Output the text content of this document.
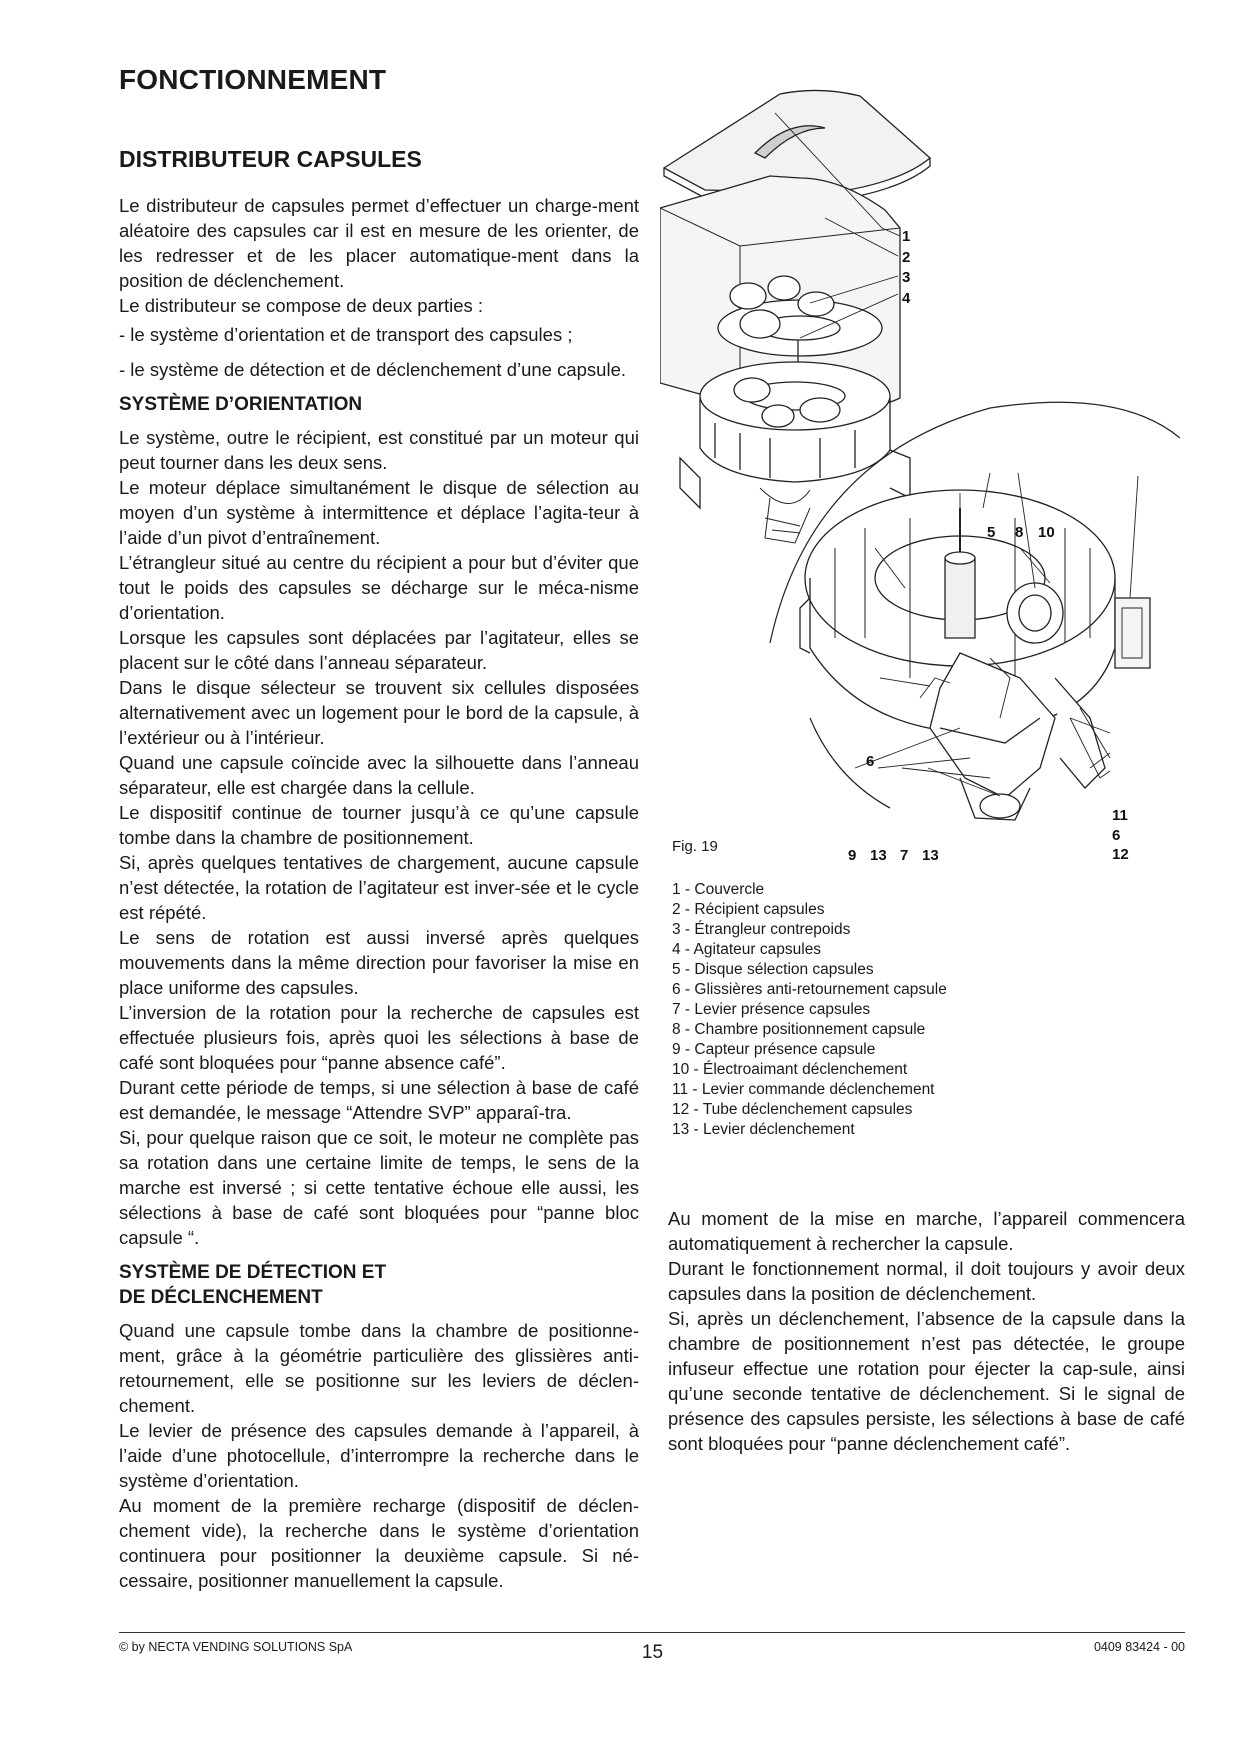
FONCTIONNEMENT
DISTRIBUTEUR CAPSULES

Le distributeur de capsules permet d’effectuer un charge-ment aléatoire des capsules car il est en mesure de les orienter, de les redresser et de les placer automatique-ment dans la position de déclenchement.

Le distributeur se compose de deux parties :

- le système d’orientation et de transport des capsules ;

- le système de détection et de déclenchement d’une capsule.

SYSTÈME D’ORIENTATION

Le système, outre le récipient, est constitué par un moteur qui peut tourner dans les deux sens.

Le moteur déplace simultanément le disque de sélection au moyen d’un système à intermittence et déplace l’agita-teur à l’aide d’un pivot d’entraînement.

L’étrangleur situé au centre du récipient a pour but d’éviter que tout le poids des capsules se décharge sur le méca-nisme d’orientation.

Lorsque les capsules sont déplacées par l’agitateur, elles se placent sur le côté dans l’anneau séparateur.

Dans le disque sélecteur se trouvent six cellules disposées alternativement avec un logement pour le bord de la capsule, à l’extérieur ou à l’intérieur.

Quand une capsule coïncide avec la silhouette dans l’anneau séparateur, elle est chargée dans la cellule.

Le dispositif continue de tourner jusqu’à ce qu’une capsule tombe dans la chambre de positionnement.

Si, après quelques tentatives de chargement, aucune capsule n’est détectée, la rotation de l’agitateur est inver-sée et le cycle est répété.

Le sens de rotation est aussi inversé après quelques mouvements dans la même direction pour favoriser la mise en place uniforme des capsules.

L’inversion de la rotation pour la recherche de capsules est effectuée plusieurs fois, après quoi les sélections à base de café sont bloquées pour “panne absence café”.

Durant cette période de temps, si une sélection à base de café est demandée, le message “Attendre SVP” apparaî-tra.

Si, pour quelque raison que ce soit, le moteur ne complète pas sa rotation dans une certaine limite de temps, le sens de la marche est inversé ; si cette tentative échoue elle aussi, les sélections à base de café sont bloquées pour “panne bloc capsule “.

SYSTÈME DE DÉTECTION ET
DE DÉCLENCHEMENT

Quand une capsule tombe dans la chambre de positionne-ment, grâce à la géométrie particulière des glissières anti-retournement, elle se positionne sur les leviers de déclen-chement.

Le levier de présence des capsules demande à l’appareil, à l’aide d’une photocellule, d’interrompre la recherche dans le système d’orientation.

Au moment de la première recharge (dispositif de déclen-chement vide), la recherche dans le système d’orientation continuera pour positionner la deuxième capsule. Si né-cessaire, positionner manuellement la capsule.

1
2
3
4
5 8 10
6
11
6
12
9 13 7 13

Fig. 19

1 - Couvercle
2 - Récipient capsules
3 - Étrangleur contrepoids
4 - Agitateur capsules
5 - Disque sélection capsules
6 - Glissières anti-retournement capsule
7 - Levier présence capsules
8 - Chambre positionnement capsule
9 - Capteur présence capsule
10 - Électroaimant déclenchement
11 - Levier commande déclenchement
12 - Tube déclenchement capsules
13 - Levier déclenchement

Au moment de la mise en marche, l’appareil commencera automatiquement à rechercher la capsule.

Durant le fonctionnement normal, il doit toujours y avoir deux capsules dans la position de déclenchement.

Si, après un déclenchement, l’absence de la capsule dans la chambre de positionnement n’est pas détectée, le groupe infuseur effectue une rotation pour éjecter la cap-sule, ainsi qu’une seconde tentative de déclenchement. Si le signal de présence des capsules persiste, les sélections à base de café sont bloquées pour “panne déclenchement café”.

© by NECTA VENDING SOLUTIONS SpA	15	0409 83424 - 00
